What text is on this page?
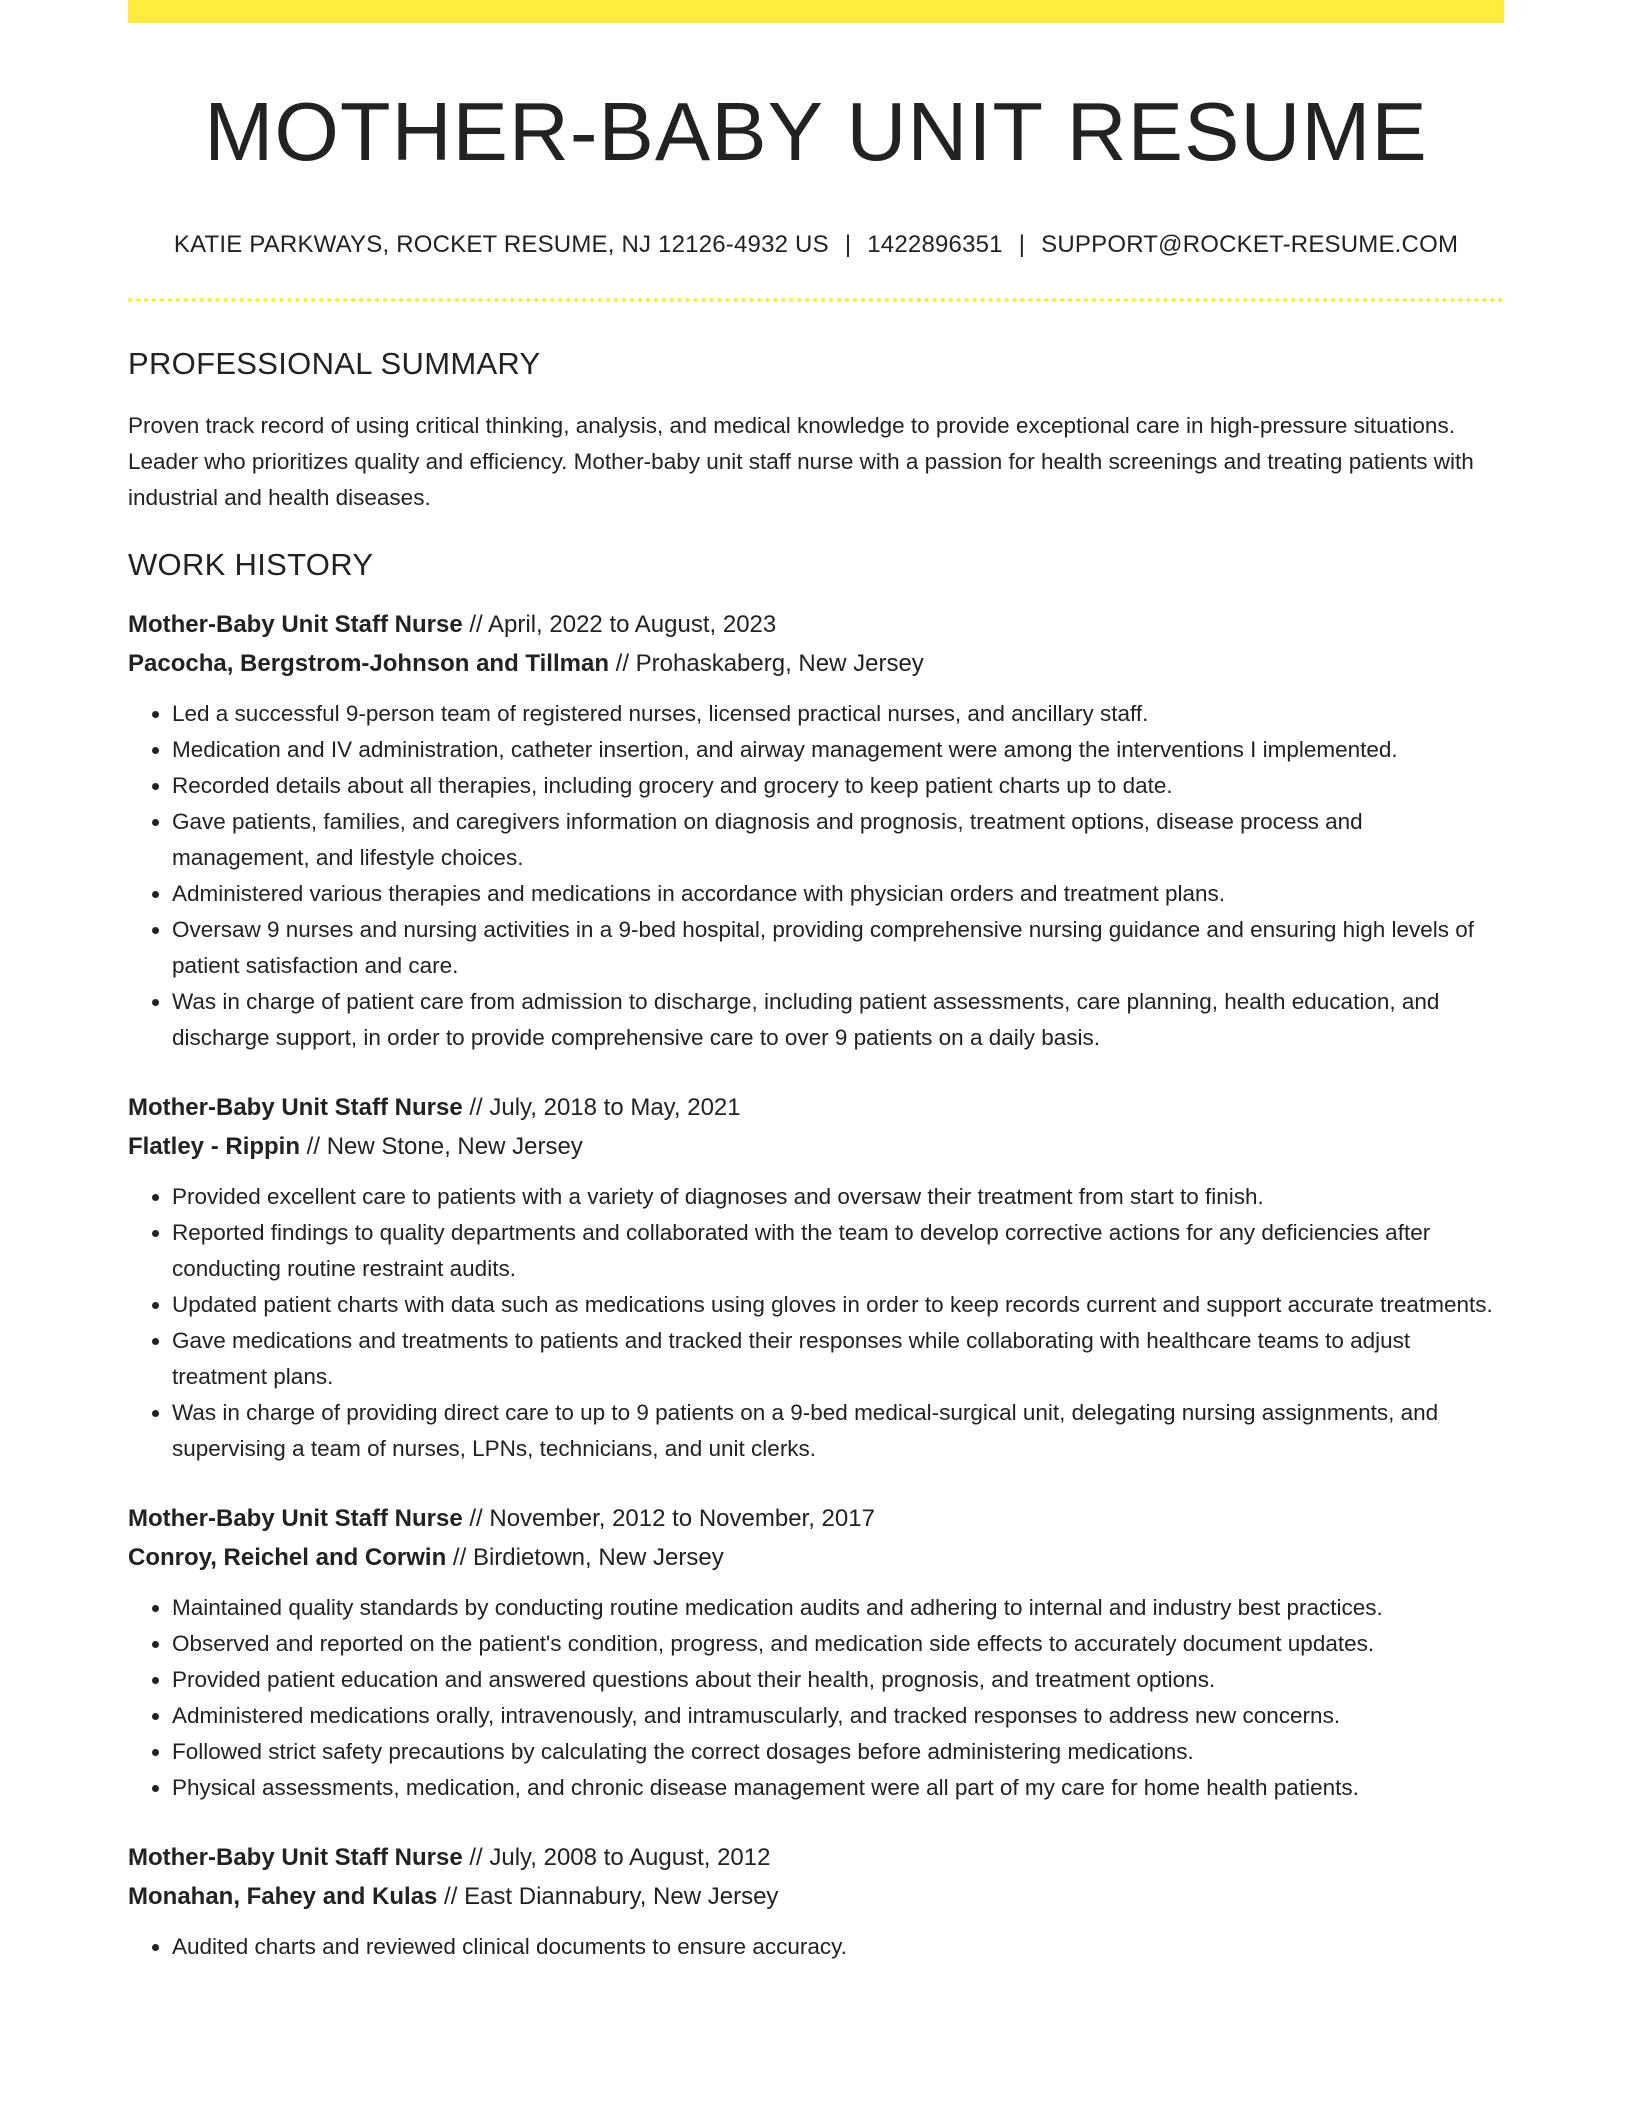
MOTHER-BABY UNIT RESUME
KATIE PARKWAYS, ROCKET RESUME, NJ 12126-4932 US | 1422896351 | SUPPORT@ROCKET-RESUME.COM
PROFESSIONAL SUMMARY

Proven track record of using critical thinking, analysis, and medical knowledge to provide exceptional care in high-pressure situations. Leader who prioritizes quality and efficiency. Mother-baby unit staff nurse with a passion for health screenings and treating patients with industrial and health diseases.

WORK HISTORY
Mother-Baby Unit Staff Nurse // April, 2022 to August, 2023
Pacocha, Bergstrom-Johnson and Tillman // Prohaskaberg, New Jersey
• Led a successful 9-person team of registered nurses, licensed practical nurses, and ancillary staff.
• Medication and IV administration, catheter insertion, and airway management were among the interventions I implemented.
• Recorded details about all therapies, including grocery and grocery to keep patient charts up to date.
• Gave patients, families, and caregivers information on diagnosis and prognosis, treatment options, disease process and management, and lifestyle choices.
• Administered various therapies and medications in accordance with physician orders and treatment plans.
• Oversaw 9 nurses and nursing activities in a 9-bed hospital, providing comprehensive nursing guidance and ensuring high levels of patient satisfaction and care.
• Was in charge of patient care from admission to discharge, including patient assessments, care planning, health education, and discharge support, in order to provide comprehensive care to over 9 patients on a daily basis.
Mother-Baby Unit Staff Nurse // July, 2018 to May, 2021
Flatley - Rippin // New Stone, New Jersey
• Provided excellent care to patients with a variety of diagnoses and oversaw their treatment from start to finish.
• Reported findings to quality departments and collaborated with the team to develop corrective actions for any deficiencies after conducting routine restraint audits.
• Updated patient charts with data such as medications using gloves in order to keep records current and support accurate treatments.
• Gave medications and treatments to patients and tracked their responses while collaborating with healthcare teams to adjust treatment plans.
• Was in charge of providing direct care to up to 9 patients on a 9-bed medical-surgical unit, delegating nursing assignments, and supervising a team of nurses, LPNs, technicians, and unit clerks.
Mother-Baby Unit Staff Nurse // November, 2012 to November, 2017
Conroy, Reichel and Corwin // Birdietown, New Jersey
• Maintained quality standards by conducting routine medication audits and adhering to internal and industry best practices.
• Observed and reported on the patient's condition, progress, and medication side effects to accurately document updates.
• Provided patient education and answered questions about their health, prognosis, and treatment options.
• Administered medications orally, intravenously, and intramuscularly, and tracked responses to address new concerns.
• Followed strict safety precautions by calculating the correct dosages before administering medications.
• Physical assessments, medication, and chronic disease management were all part of my care for home health patients.
Mother-Baby Unit Staff Nurse // July, 2008 to August, 2012
Monahan, Fahey and Kulas // East Diannabury, New Jersey
• Audited charts and reviewed clinical documents to ensure accuracy.
